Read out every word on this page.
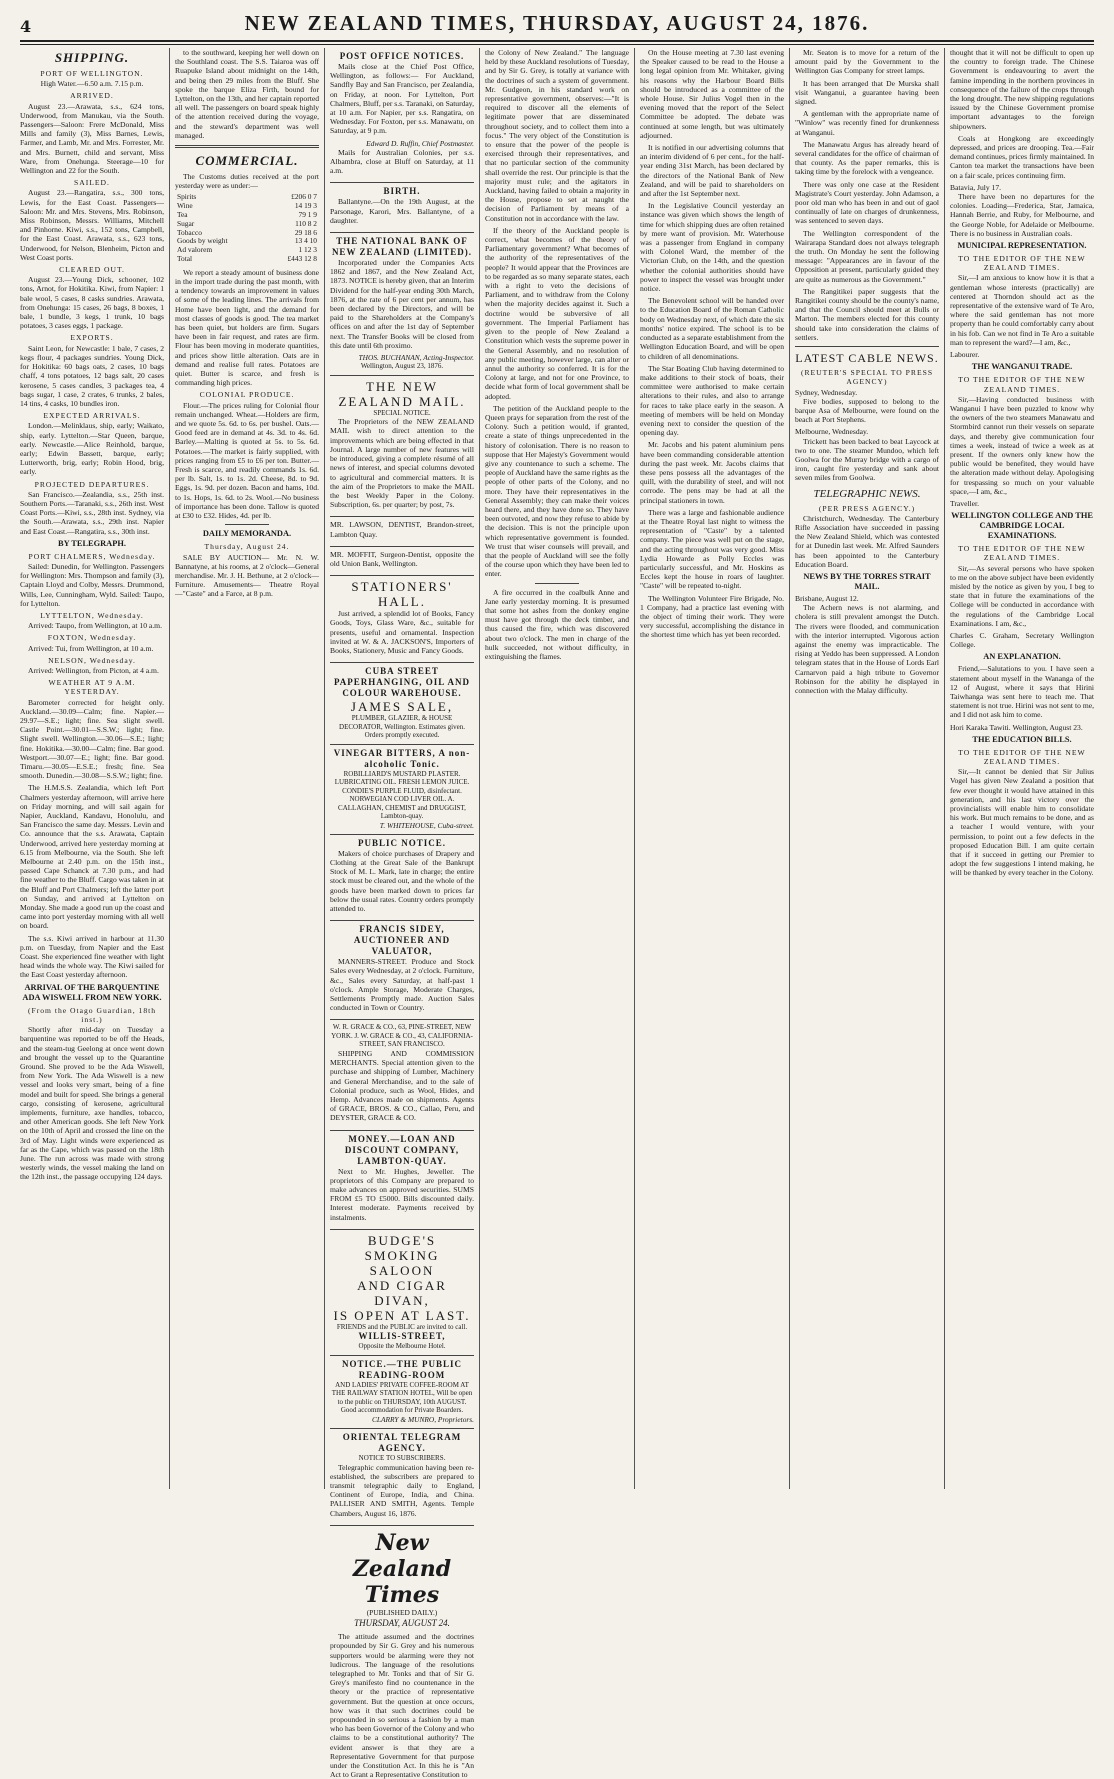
4	NEW ZEALAND TIMES, THURSDAY, AUGUST 24, 1876.
SHIPPING.
PORT OF WELLINGTON.

High Water.—6.50 a.m. 7.15 p.m.

ARRIVED.

August 23.—Arawata, s.s., 624 tons, Underwood, from Manukau, via the South. Passengers—Saloon: Frere McDonald, Miss Mills and family (3), Miss Barnes, Lewis, Farmer, and Lamb, Mr. and Mrs. Forrester, Mr. and Mrs. Burnett, child and servant, Miss Ware, from Onehunga. Steerage—10 for Wellington and 22 for the South.

SAILED.

August 23.—Rangatira, s.s., 300 tons, Lewis, for the East Coast. Passengers—Saloon: Mr. and Mrs. Stevens, Mrs. Robinson, Miss Robinson, Messrs. Williams, Mitchell and Pinhorne. Kiwi, s.s., 152 tons, Campbell, for the East Coast. Arawata, s.s., 623 tons, Underwood, for Nelson, Blenheim, Picton and West Coast ports.

CLEARED OUT.

August 23.—Young Dick, schooner, 102 tons, Arnot, for Hokitika. Kiwi, from Napier: 1 bale wool, 5 cases, 8 casks sundries. Arawata, from Onehunga: 15 cases, 26 bags, 8 boxes, 1 bale, 1 bundle, 3 kegs, 1 trunk, 10 bags potatoes, 3 cases eggs, 1 package.

EXPORTS.

Saint Leon, for Newcastle: 1 bale, 7 cases, 2 kegs flour, 4 packages sundries. Young Dick, for Hokitika: 60 bags oats, 2 cases, 10 bags chaff, 4 tons potatoes, 12 bags salt, 20 cases kerosene, 5 cases candles, 3 packages tea, 4 bags sugar, 1 case, 2 crates, 6 trunks, 2 bales, 14 tins, 4 casks, 10 bundles iron.

EXPECTED ARRIVALS.

London.—Melinklaus, ship, early; Waikato, ship, early. Lyttelton.—Star Queen, barque, early. Newcastle.—Alice Reinhold, barque, early; Edwin Bassett, barque, early; Lutterworth, brig, early; Robin Hood, brig, early.

PROJECTED DEPARTURES.

San Francisco.—Zealandia, s.s., 25th inst. Southern Ports.—Taranaki, s.s., 26th inst. West Coast Ports.—Kiwi, s.s., 28th inst. Sydney, via the South.—Arawata, s.s., 29th inst. Napier and East Coast.—Rangatira, s.s., 30th inst.

BY TELEGRAPH.
PORT CHALMERS, Wednesday.

Sailed: Dunedin, for Wellington. Passengers for Wellington: Mrs. Thompson and family (3), Captain Lloyd and Colby, Messrs. Drummond, Wills, Lee, Cunningham, Wyld. Sailed: Taupo, for Lyttelton.

LYTTELTON, Wednesday.

Arrived: Taupo, from Wellington, at 10 a.m.

FOXTON, Wednesday.

Arrived: Tui, from Wellington, at 10 a.m.

NELSON, Wednesday.

Arrived: Wellington, from Picton, at 4 a.m.

WEATHER AT 9 A.M. YESTERDAY.

Barometer corrected for height only. Auckland.—30.09—Calm; fine. Napier.—29.97—S.E.; light; fine. Sea slight swell. Castle Point.—30.01—S.S.W.; light; fine. Slight swell. Wellington.—30.06—S.E.; light; fine. Hokitika.—30.00—Calm; fine. Bar good. Westport.—30.07—E.; light; fine. Bar good. Timaru.—30.05—E.S.E.; fresh; fine. Sea smooth. Dunedin.—30.08—S.S.W.; light; fine.

The H.M.S.S. Zealandia, which left Port Chalmers yesterday afternoon, will arrive here on Friday morning, and will sail again for Napier, Auckland, Kandavu, Honolulu, and San Francisco the same day. Messrs. Levin and Co. announce that the s.s. Arawata, Captain Underwood, arrived here yesterday morning at 6.15 from Melbourne, via the South. She left Melbourne at 2.40 p.m. on the 15th inst., passed Cape Schanck at 7.30 p.m., and had fine weather to the Bluff. Cargo was taken in at the Bluff and Port Chalmers; left the latter port on Sunday, and arrived at Lyttelton on Monday. She made a good run up the coast and came into port yesterday morning with all well on board.

The s.s. Kiwi arrived in harbour at 11.30 p.m. on Tuesday, from Napier and the East Coast. She experienced fine weather with light head winds the whole way. The Kiwi sailed for the East Coast yesterday afternoon.

ARRIVAL OF THE BARQUENTINE ADA WISWELL FROM NEW YORK.
(From the Otago Guardian, 18th inst.)

Shortly after mid-day on Tuesday a barquentine was reported to be off the Heads, and the steam-tug Geelong at once went down and brought the vessel up to the Quarantine Ground. She proved to be the Ada Wiswell, from New York. The Ada Wiswell is a new vessel and looks very smart, being of a fine model and built for speed. She brings a general cargo, consisting of kerosene, agricultural implements, furniture, axe handles, tobacco, and other American goods. She left New York on the 10th of April and crossed the line on the 3rd of May. Light winds were experienced as far as the Cape, which was passed on the 18th June. The run across was made with strong westerly winds, the vessel making the land on the 12th inst., the passage occupying 124 days.

to the southward, keeping her well down on the Southland coast. The S.S. Taiaroa was off Ruapuke Island about midnight on the 14th, and being then 29 miles from the Bluff. She spoke the barque Eliza Firth, bound for Lyttelton, on the 13th, and her captain reported all well. The passengers on board speak highly of the attention received during the voyage, and the steward's department was well managed.

COMMERCIAL.

The Customs duties received at the port yesterday were as under:—

Spirits	£206 0 7
Wine	14 19 3
Tea	79 1 9
Sugar	110 8 2
Tobacco	29 18 6
Goods by weight	13 4 10
Ad valorem	1 12 3
Total	£443 12 8

We report a steady amount of business done in the import trade during the past month, with a tendency towards an improvement in values of some of the leading lines. The arrivals from Home have been light, and the demand for most classes of goods is good. The tea market has been quiet, but holders are firm. Sugars have been in fair request, and rates are firm. Flour has been moving in moderate quantities, and prices show little alteration. Oats are in demand and realise full rates. Potatoes are quiet. Butter is scarce, and fresh is commanding high prices.

COLONIAL PRODUCE.

Flour.—The prices ruling for Colonial flour remain unchanged. Wheat.—Holders are firm, and we quote 5s. 6d. to 6s. per bushel. Oats.—Good feed are in demand at 4s. 3d. to 4s. 6d. Barley.—Malting is quoted at 5s. to 5s. 6d. Potatoes.—The market is fairly supplied, with prices ranging from £5 to £6 per ton. Butter.—Fresh is scarce, and readily commands 1s. 6d. per lb. Salt, 1s. to 1s. 2d. Cheese, 8d. to 9d. Eggs, 1s. 9d. per dozen. Bacon and hams, 10d. to 1s. Hops, 1s. 6d. to 2s. Wool.—No business of importance has been done. Tallow is quoted at £30 to £32. Hides, 4d. per lb.

DAILY MEMORANDA.
Thursday, August 24.

SALE BY AUCTION— Mr. N. W. Bannatyne, at his rooms, at 2 o'clock—General merchandise. Mr. J. H. Bethune, at 2 o'clock—Furniture. Amusements— Theatre Royal—"Caste" and a Farce, at 8 p.m.

POST OFFICE NOTICES.

Mails close at the Chief Post Office, Wellington, as follows:— For Auckland, Sandfly Bay and San Francisco, per Zealandia, on Friday, at noon. For Lyttelton, Port Chalmers, Bluff, per s.s. Taranaki, on Saturday, at 10 a.m. For Napier, per s.s. Rangatira, on Wednesday. For Foxton, per s.s. Manawatu, on Saturday, at 9 p.m.

Edward D. Ruffin, Chief Postmaster.

Mails for Australian Colonies, per s.s. Albambra, close at Bluff on Saturday, at 11 a.m.

BIRTH.

Ballantyne.—On the 19th August, at the Parsonage, Karori, Mrs. Ballantyne, of a daughter.

THE NATIONAL BANK OF NEW ZEALAND (LIMITED).

Incorporated under the Companies Acts 1862 and 1867, and the New Zealand Act, 1873. NOTICE is hereby given, that an Interim Dividend for the half-year ending 30th March, 1876, at the rate of 6 per cent per annum, has been declared by the Directors, and will be paid to the Shareholders at the Company's offices on and after the 1st day of September next. The Transfer Books will be closed from this date until 6th proximo.

THOS. BUCHANAN, Acting-Inspector.
Wellington, August 23, 1876.
THE NEW ZEALAND MAIL.
SPECIAL NOTICE.

The Proprietors of the NEW ZEALAND MAIL wish to direct attention to the improvements which are being effected in that Journal. A large number of new features will be introduced, giving a complete résumé of all news of interest, and special columns devoted to agricultural and commercial matters. It is the aim of the Proprietors to make the MAIL the best Weekly Paper in the Colony. Subscription, 6s. per quarter; by post, 7s.

MR. LAWSON, DENTIST, Brandon-street, Lambton Quay.

MR. MOFFIT, Surgeon-Dentist, opposite the old Union Bank, Wellington.

STATIONERS' HALL.

Just arrived, a splendid lot of Books, Fancy Goods, Toys, Glass Ware, &c., suitable for presents, useful and ornamental. Inspection invited at W. & A. JACKSON'S, Importers of Books, Stationery, Music and Fancy Goods.

CUBA STREET PAPERHANGING, OIL AND COLOUR WAREHOUSE.
JAMES SALE,
PLUMBER, GLAZIER, & HOUSE DECORATOR, Wellington. Estimates given. Orders promptly executed.
VINEGAR BITTERS, A non-alcoholic Tonic.
ROBILLIARD'S MUSTARD PLASTER. LUBRICATING OIL. FRESH LEMON JUICE. CONDIE'S PURPLE FLUID, disinfectant. NORWEGIAN COD LIVER OIL. A. CALLAGHAN, CHEMIST and DRUGGIST, Lambton-quay.
T. WHITEHOUSE, Cuba-street.
PUBLIC NOTICE.

Makers of choice purchases of Drapery and Clothing at the Great Sale of the Bankrupt Stock of M. L. Mark, late in charge; the entire stock must be cleared out, and the whole of the goods have been marked down to prices far below the usual rates. Country orders promptly attended to.

FRANCIS SIDEY, AUCTIONEER AND VALUATOR,

MANNERS-STREET. Produce and Stock Sales every Wednesday, at 2 o'clock. Furniture, &c., Sales every Saturday, at half-past 1 o'clock. Ample Storage, Moderate Charges, Settlements Promptly made. Auction Sales conducted in Town or Country.

W. R. GRACE & CO., 63, PINE-STREET, NEW YORK. J. W. GRACE & CO., 43, CALIFORNIA-STREET, SAN FRANCISCO.

SHIPPING AND COMMISSION MERCHANTS. Special attention given to the purchase and shipping of Lumber, Machinery and General Merchandise, and to the sale of Colonial produce, such as Wool, Hides, and Hemp. Advances made on shipments. Agents of GRACE, BROS. & CO., Callao, Peru, and DEYSTER, GRACE & CO.

MONEY.—LOAN AND DISCOUNT COMPANY, LAMBTON-QUAY.

Next to Mr. Hughes, Jeweller. The proprietors of this Company are prepared to make advances on approved securities. SUMS FROM £5 TO £5000. Bills discounted daily. Interest moderate. Payments received by instalments.

BUDGE'S SMOKING SALOON
AND CIGAR DIVAN,
IS OPEN AT LAST.
FRIENDS and the PUBLIC are invited to call.
WILLIS-STREET,
Opposite the Melbourne Hotel.
NOTICE.—THE PUBLIC READING-ROOM
AND LADIES' PRIVATE COFFEE-ROOM AT THE RAILWAY STATION HOTEL, Will be open to the public on THURSDAY, 10th AUGUST. Good accommodation for Private Boarders.
CLARRY & MUNRO, Proprietors.
ORIENTAL TELEGRAM AGENCY.
NOTICE TO SUBSCRIBERS.

Telegraphic communication having been re-established, the subscribers are prepared to transmit telegraphic daily to England, Continent of Europe, India, and China. PALLISER AND SMITH, Agents. Temple Chambers, August 16, 1876.

New Zealand Times
(PUBLISHED DAILY.)
THURSDAY, AUGUST 24.

The attitude assumed and the doctrines propounded by Sir G. Grey and his numerous supporters would be alarming were they not ludicrous. The language of the resolutions telegraphed to Mr. Tonks and that of Sir G. Grey's manifesto find no countenance in the theory or the practice of representative government. But the question at once occurs, how was it that such doctrines could be propounded in so serious a fashion by a man who has been Governor of the Colony and who claims to be a constitutional authority? The evident answer is that they are a Representative Government for that purpose under the Constitution Act. In this he is "An Act to Grant a Representative Constitution to

the Colony of New Zealand." The language held by these Auckland resolutions of Tuesday, and by Sir G. Grey, is totally at variance with the doctrines of such a system of government. Mr. Gudgeon, in his standard work on representative government, observes:—"It is required to discover all the elements of legitimate power that are disseminated throughout society, and to collect them into a focus." The very object of the Constitution is to ensure that the power of the people is exercised through their representatives, and that no particular section of the community shall override the rest. Our principle is that the majority must rule; and the agitators in Auckland, having failed to obtain a majority in the House, propose to set at naught the decision of Parliament by means of a Constitution not in accordance with the law.

If the theory of the Auckland people is correct, what becomes of the theory of Parliamentary government? What becomes of the authority of the representatives of the people? It would appear that the Provinces are to be regarded as so many separate states, each with a right to veto the decisions of Parliament, and to withdraw from the Colony when the majority decides against it. Such a doctrine would be subversive of all government. The Imperial Parliament has given to the people of New Zealand a Constitution which vests the supreme power in the General Assembly, and no resolution of any public meeting, however large, can alter or annul the authority so conferred. It is for the Colony at large, and not for one Province, to decide what form of local government shall be adopted.

The petition of the Auckland people to the Queen prays for separation from the rest of the Colony. Such a petition would, if granted, create a state of things unprecedented in the history of colonisation. There is no reason to suppose that Her Majesty's Government would give any countenance to such a scheme. The people of Auckland have the same rights as the people of other parts of the Colony, and no more. They have their representatives in the General Assembly; they can make their voices heard there, and they have done so. They have been outvoted, and now they refuse to abide by the decision. This is not the principle upon which representative government is founded. We trust that wiser counsels will prevail, and that the people of Auckland will see the folly of the course upon which they have been led to enter.

A fire occurred in the coalbulk Anne and Jane early yesterday morning. It is presumed that some hot ashes from the donkey engine must have got through the deck timber, and thus caused the fire, which was discovered about two o'clock. The men in charge of the hulk succeeded, not without difficulty, in extinguishing the flames.

On the House meeting at 7.30 last evening the Speaker caused to be read to the House a long legal opinion from Mr. Whitaker, giving his reasons why the Harbour Board Bills should be introduced as a committee of the whole House. Sir Julius Vogel then in the evening moved that the report of the Select Committee be adopted. The debate was continued at some length, but was ultimately adjourned.

It is notified in our advertising columns that an interim dividend of 6 per cent., for the half-year ending 31st March, has been declared by the directors of the National Bank of New Zealand, and will be paid to shareholders on and after the 1st September next.

In the Legislative Council yesterday an instance was given which shows the length of time for which shipping dues are often retained by mere want of provision. Mr. Waterhouse was a passenger from England in company with Colonel Ward, the member of the Victorian Club, on the 14th, and the question whether the colonial authorities should have power to inspect the vessel was brought under notice.

The Benevolent school will be handed over to the Education Board of the Roman Catholic body on Wednesday next, of which date the six months' notice expired. The school is to be conducted as a separate establishment from the Wellington Education Board, and will be open to children of all denominations.

The Star Boating Club having determined to make additions to their stock of boats, their committee were authorised to make certain alterations to their rules, and also to arrange for races to take place early in the season. A meeting of members will be held on Monday evening next to consider the question of the opening day.

Mr. Jacobs and his patent aluminium pens have been commanding considerable attention during the past week. Mr. Jacobs claims that these pens possess all the advantages of the quill, with the durability of steel, and will not corrode. The pens may be had at all the principal stationers in town.

There was a large and fashionable audience at the Theatre Royal last night to witness the representation of "Caste" by a talented company. The piece was well put on the stage, and the acting throughout was very good. Miss Lydia Howarde as Polly Eccles was particularly successful, and Mr. Hoskins as Eccles kept the house in roars of laughter. "Caste" will be repeated to-night.

The Wellington Volunteer Fire Brigade, No. 1 Company, had a practice last evening with the object of timing their work. They were very successful, accomplishing the distance in the shortest time which has yet been recorded.

Mr. Seaton is to move for a return of the amount paid by the Government to the Wellington Gas Company for street lamps.

It has been arranged that De Murska shall visit Wanganui, a guarantee having been signed.

A gentleman with the appropriate name of "Winlow" was recently fined for drunkenness at Wanganui.

The Manawatu Argus has already heard of several candidates for the office of chairman of that county. As the paper remarks, this is taking time by the forelock with a vengeance.

There was only one case at the Resident Magistrate's Court yesterday. John Adamson, a poor old man who has been in and out of gaol continually of late on charges of drunkenness, was sentenced to seven days.

The Wellington correspondent of the Wairarapa Standard does not always telegraph the truth. On Monday he sent the following message: "Appearances are in favour of the Opposition at present, particularly guided they are quite as numerous as the Government."

The Rangitikei paper suggests that the Rangitikei county should be the county's name, and that the Council should meet at Bulls or Marton. The members elected for this county should take into consideration the claims of settlers.

LATEST CABLE NEWS.
(REUTER'S SPECIAL TO PRESS AGENCY)
Sydney, Wednesday.

Five bodies, supposed to belong to the barque Asa of Melbourne, were found on the beach at Port Stephens.

Melbourne, Wednesday.

Trickett has been backed to beat Laycock at two to one. The steamer Mundoo, which left Goolwa for the Murray bridge with a cargo of iron, caught fire yesterday and sank about seven miles from Goolwa.

TELEGRAPHIC NEWS.
(PER PRESS AGENCY.)

Christchurch, Wednesday. The Canterbury Rifle Association have succeeded in passing the New Zealand Shield, which was contested for at Dunedin last week. Mr. Alfred Saunders has been appointed to the Canterbury Education Board.

NEWS BY THE TORRES STRAIT MAIL.
Brisbane, August 12.

The Achern news is not alarming, and cholera is still prevalent amongst the Dutch. The rivers were flooded, and communication with the interior interrupted. Vigorous action against the enemy was impracticable. The rising at Yeddo has been suppressed. A London telegram states that in the House of Lords Earl Carnarvon paid a high tribute to Governor Robinson for the ability he displayed in connection with the Malay difficulty.

thought that it will not be difficult to open up the country to foreign trade. The Chinese Government is endeavouring to avert the famine impending in the northern provinces in consequence of the failure of the crops through the long drought. The new shipping regulations issued by the Chinese Government promise important advantages to the foreign shipowners.

Coals at Hongkong are exceedingly depressed, and prices are drooping. Tea.—Fair demand continues, prices firmly maintained. In Canton tea market the transactions have been on a fair scale, prices continuing firm.

Batavia, July 17.

There have been no departures for the colonies. Loading—Frederica, Star, Jamaica, Hannah Berrie, and Ruby, for Melbourne, and the George Noble, for Adelaide or Melbourne. There is no business in Australian coals.

MUNICIPAL REPRESENTATION.
TO THE EDITOR OF THE NEW ZEALAND TIMES.

Sir,—I am anxious to know how it is that a gentleman whose interests (practically) are centered at Thorndon should act as the representative of the extensive ward of Te Aro, where the said gentleman has not more property than he could comfortably carry about in his fob. Can we not find in Te Aro a suitable man to represent the ward?—I am, &c.,

Labourer.
THE WANGANUI TRADE.
TO THE EDITOR OF THE NEW ZEALAND TIMES.

Sir,—Having conducted business with Wanganui I have been puzzled to know why the owners of the two steamers Manawatu and Stormbird cannot run their vessels on separate days, and thereby give communication four times a week, instead of twice a week as at present. If the owners only knew how the public would be benefited, they would have the alteration made without delay. Apologising for trespassing so much on your valuable space,—I am, &c.,

Traveller.
WELLINGTON COLLEGE AND THE CAMBRIDGE LOCAL EXAMINATIONS.
TO THE EDITOR OF THE NEW ZEALAND TIMES.

Sir,—As several persons who have spoken to me on the above subject have been evidently misled by the notice as given by you, I beg to state that in future the examinations of the College will be conducted in accordance with the regulations of the Cambridge Local Examinations. I am, &c.,

Charles C. Graham, Secretary Wellington College.
AN EXPLANATION.

Friend,—Salutations to you. I have seen a statement about myself in the Wananga of the 12 of August, where it says that Hirini Taiwhanga was sent here to teach me. That statement is not true. Hirini was not sent to me, and I did not ask him to come.

Hori Karaka Tawiti. Wellington, August 23.
THE EDUCATION BILLS.
TO THE EDITOR OF THE NEW ZEALAND TIMES.

Sir,—It cannot be denied that Sir Julius Vogel has given New Zealand a position that few ever thought it would have attained in this generation, and his last victory over the provincialists will enable him to consolidate his work. But much remains to be done, and as a teacher I would venture, with your permission, to point out a few defects in the proposed Education Bill. I am quite certain that if it succeed in getting our Premier to adopt the few suggestions I intend making, he will be thanked by every teacher in the Colony.
